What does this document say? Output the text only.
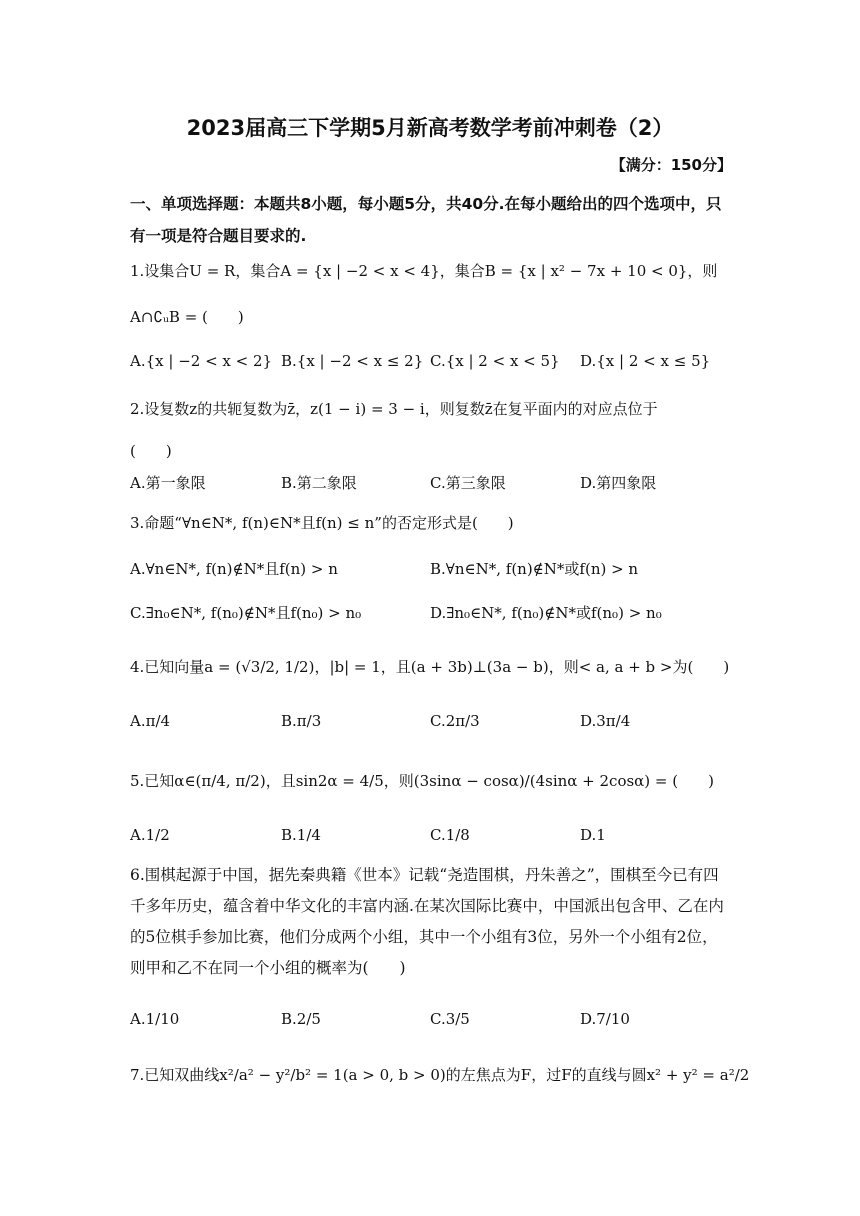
2023届高三下学期5月新高考数学考前冲刺卷（2）
【满分：150分】
一、单项选择题：本题共8小题，每小题5分，共40分.在每小题给出的四个选项中，只有一项是符合题目要求的.
1.设集合U = R，集合A = {x | −2 < x < 4}，集合B = {x | x² − 7x + 10 < 0}，则
A∩∁ᵤB = (　　)
A.{x | −2 < x < 2} B.{x | −2 < x ≤ 2} C.{x | 2 < x < 5} D.{x | 2 < x ≤ 5}
2.设复数z的共轭复数为z̄，z(1 − i) = 3 − i，则复数z̄在复平面内的对应点位于
(　　)
A.第一象限	B.第二象限	C.第三象限	D.第四象限
3.命题“∀n∈N*, f(n)∈N*且f(n) ≤ n”的否定形式是(　　)
A.∀n∈N*, f(n)∉N*且f(n) > n	B.∀n∈N*, f(n)∉N*或f(n) > n
C.∃n₀∈N*, f(n₀)∉N*且f(n₀) > n₀	D.∃n₀∈N*, f(n₀)∉N*或f(n₀) > n₀
4.已知向量a = (√3/2, 1/2)，|b| = 1，且(a + 3b)⊥(3a − b)，则< a, a + b >为(　　)
A.π/4	B.π/3	C.2π/3	D.3π/4
5.已知α∈(π/4, π/2)，且sin2α = 4/5，则(3sinα − cosα)/(4sinα + 2cosα) = (　　)
A.1/2	B.1/4	C.1/8	D.1
6.围棋起源于中国，据先秦典籍《世本》记载“尧造围棋，丹朱善之”，围棋至今已有四千多年历史，蕴含着中华文化的丰富内涵.在某次国际比赛中，中国派出包含甲、乙在内的5位棋手参加比赛，他们分成两个小组，其中一个小组有3位，另外一个小组有2位，则甲和乙不在同一个小组的概率为(　　)
A.1/10	B.2/5	C.3/5	D.7/10
7.已知双曲线x²/a² − y²/b² = 1(a > 0, b > 0)的左焦点为F，过F的直线与圆x² + y² = a²/2
